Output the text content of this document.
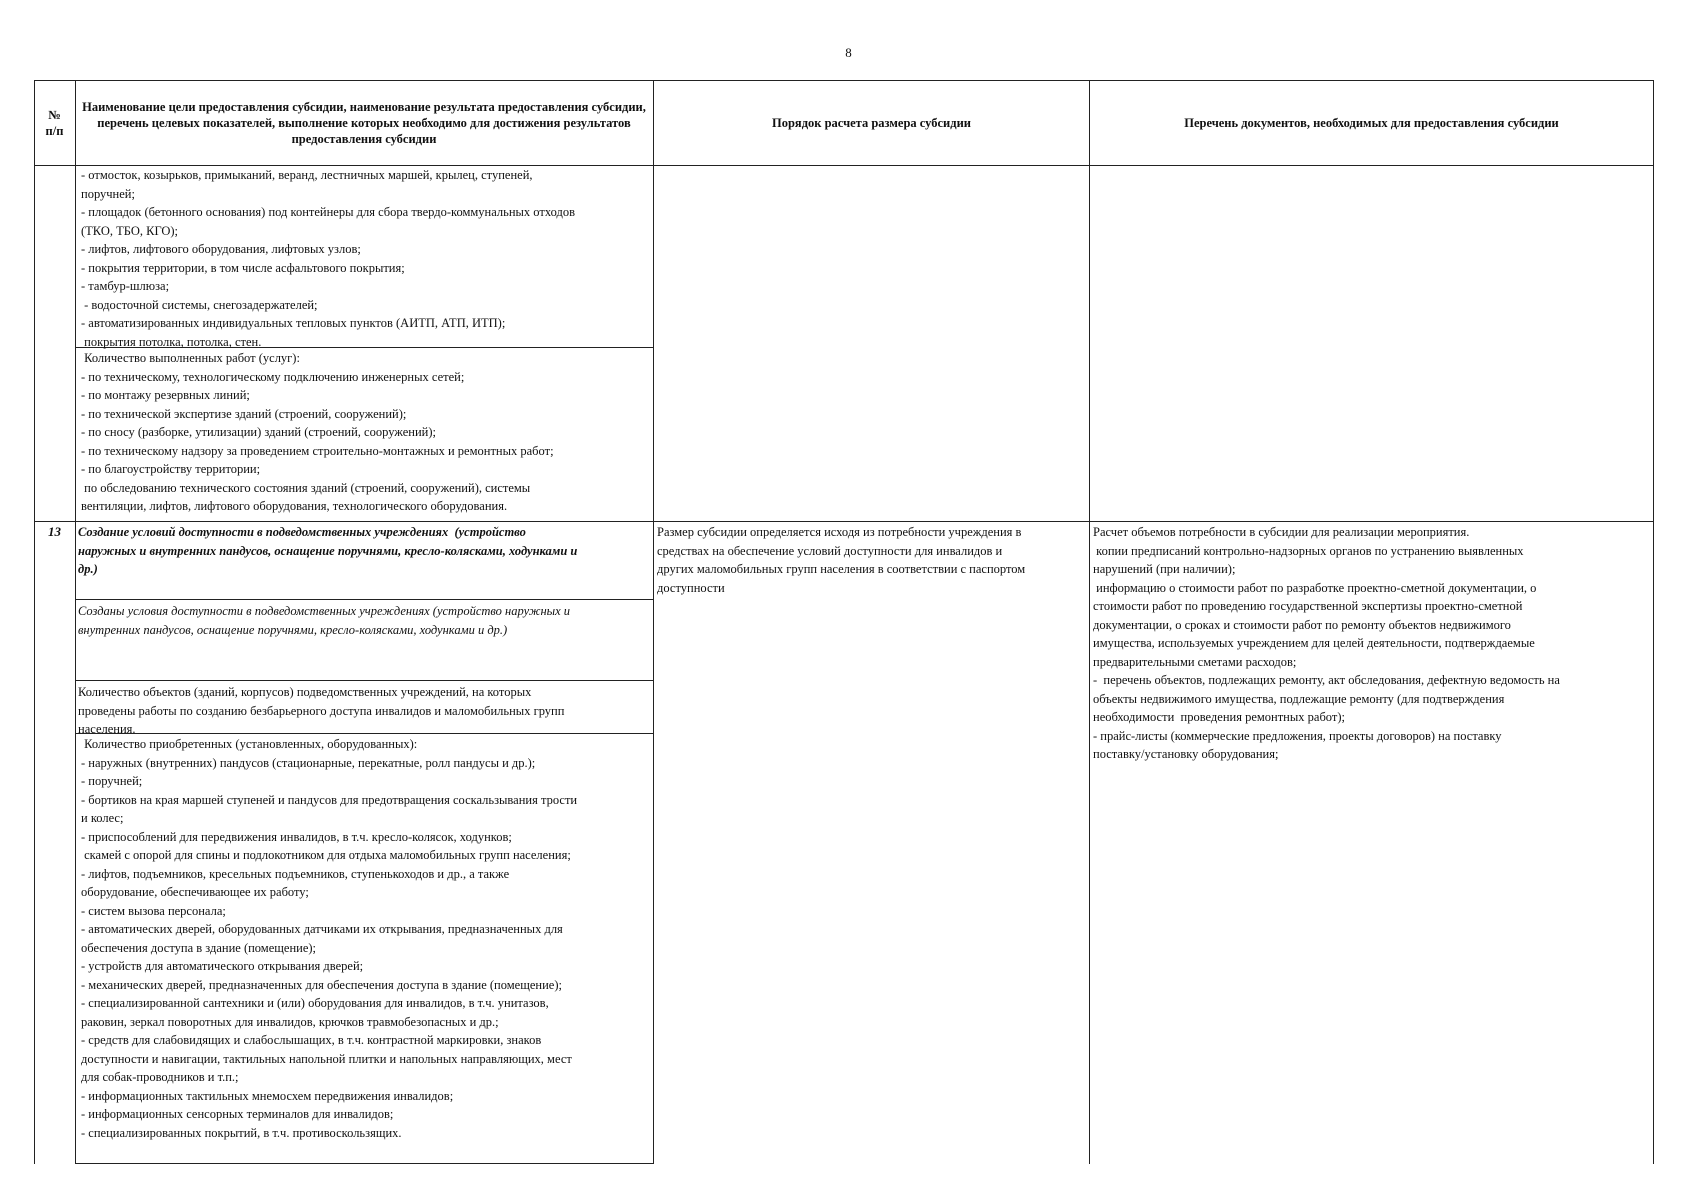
8
№
п/п
Наименование цели предоставления субсидии, наименование результата предоставления субсидии, перечень целевых показателей, выполнение которых необходимо для достижения результатов предоставления субсидии
Порядок расчета размера субсидии	Перечень документов, необходимых для предоставления субсидии
- отмосток, козырьков, примыканий, веранд, лестничных маршей, крылец, ступеней,
поручней;
- площадок (бетонного основания) под контейнеры для сбора твердо-коммунальных отходов
(ТКО, ТБО, КГО);
- лифтов, лифтового оборудования, лифтовых узлов;
- покрытия территории, в том числе асфальтового покрытия;
- тамбур-шлюза;
- водосточной системы, снегозадержателей;
- автоматизированных индивидуальных тепловых пунктов (АИТП, АТП, ИТП);
покрытия потолка, потолка, стен.
Количество выполненных работ (услуг):
- по техническому, технологическому подключению инженерных сетей;
- по монтажу резервных линий;
- по технической экспертизе зданий (строений, сооружений);
- по сносу (разборке, утилизации) зданий (строений, сооружений);
- по техническому надзору за проведением строительно-монтажных и ремонтных работ;
- по благоустройству территории;
по обследованию технического состояния зданий (строений, сооружений), системы
вентиляции, лифтов, лифтового оборудования, технологического оборудования.
13 Создание условий доступности в подведомственных учреждениях  (устройство
наружных и внутренних пандусов, оснащение поручнями, кресло-колясками, ходунками и
др.)
Созданы условия доступности в подведомственных учреждениях (устройство наружных и
внутренних пандусов, оснащение поручнями, кресло-колясками, ходунками и др.)
Количество объектов (зданий, корпусов) подведомственных учреждений, на которых
проведены работы по созданию безбарьерного доступа инвалидов и маломобильных групп
населения.
Количество приобретенных (установленных, оборудованных):
- наружных (внутренних) пандусов (стационарные, перекатные, ролл пандусы и др.);
- поручней;
- бортиков на края маршей ступеней и пандусов для предотвращения соскальзывания трости
и колес;
- приспособлений для передвижения инвалидов, в т.ч. кресло-колясок, ходунков;
скамей с опорой для спины и подлокотником для отдыха маломобильных групп населения;
- лифтов, подъемников, кресельных подъемников, ступенькоходов и др., а также
оборудование, обеспечивающее их работу;
- систем вызова персонала;
- автоматических дверей, оборудованных датчиками их открывания, предназначенных для
обеспечения доступа в здание (помещение);
- устройств для автоматического открывания дверей;
- механических дверей, предназначенных для обеспечения доступа в здание (помещение);
- специализированной сантехники и (или) оборудования для инвалидов, в т.ч. унитазов,
раковин, зеркал поворотных для инвалидов, крючков травмобезопасных и др.;
- средств для слабовидящих и слабослышащих, в т.ч. контрастной маркировки, знаков
доступности и навигации, тактильных напольной плитки и напольных направляющих, мест
для собак-проводников и т.п.;
- информационных тактильных мнемосхем передвижения инвалидов;
- информационных сенсорных терминалов для инвалидов;
- специализированных покрытий, в т.ч. противоскользящих.
Размер субсидии определяется исходя из потребности учреждения в
средствах на обеспечение условий доступности для инвалидов и
других маломобильных групп населения в соответствии с паспортом
доступности
Расчет объемов потребности в субсидии для реализации мероприятия.
копии предписаний контрольно-надзорных органов по устранению выявленных
нарушений (при наличии);
информацию о стоимости работ по разработке проектно-сметной документации, о
стоимости работ по проведению государственной экспертизы проектно-сметной
документации, о сроках и стоимости работ по ремонту объектов недвижимого
имущества, используемых учреждением для целей деятельности, подтверждаемые
предварительными сметами расходов;
-  перечень объектов, подлежащих ремонту, акт обследования, дефектную ведомость на
объекты недвижимого имущества, подлежащие ремонту (для подтверждения
необходимости  проведения ремонтных работ);
- прайс-листы (коммерческие предложения, проекты договоров) на поставку
поставку/установку оборудования;
